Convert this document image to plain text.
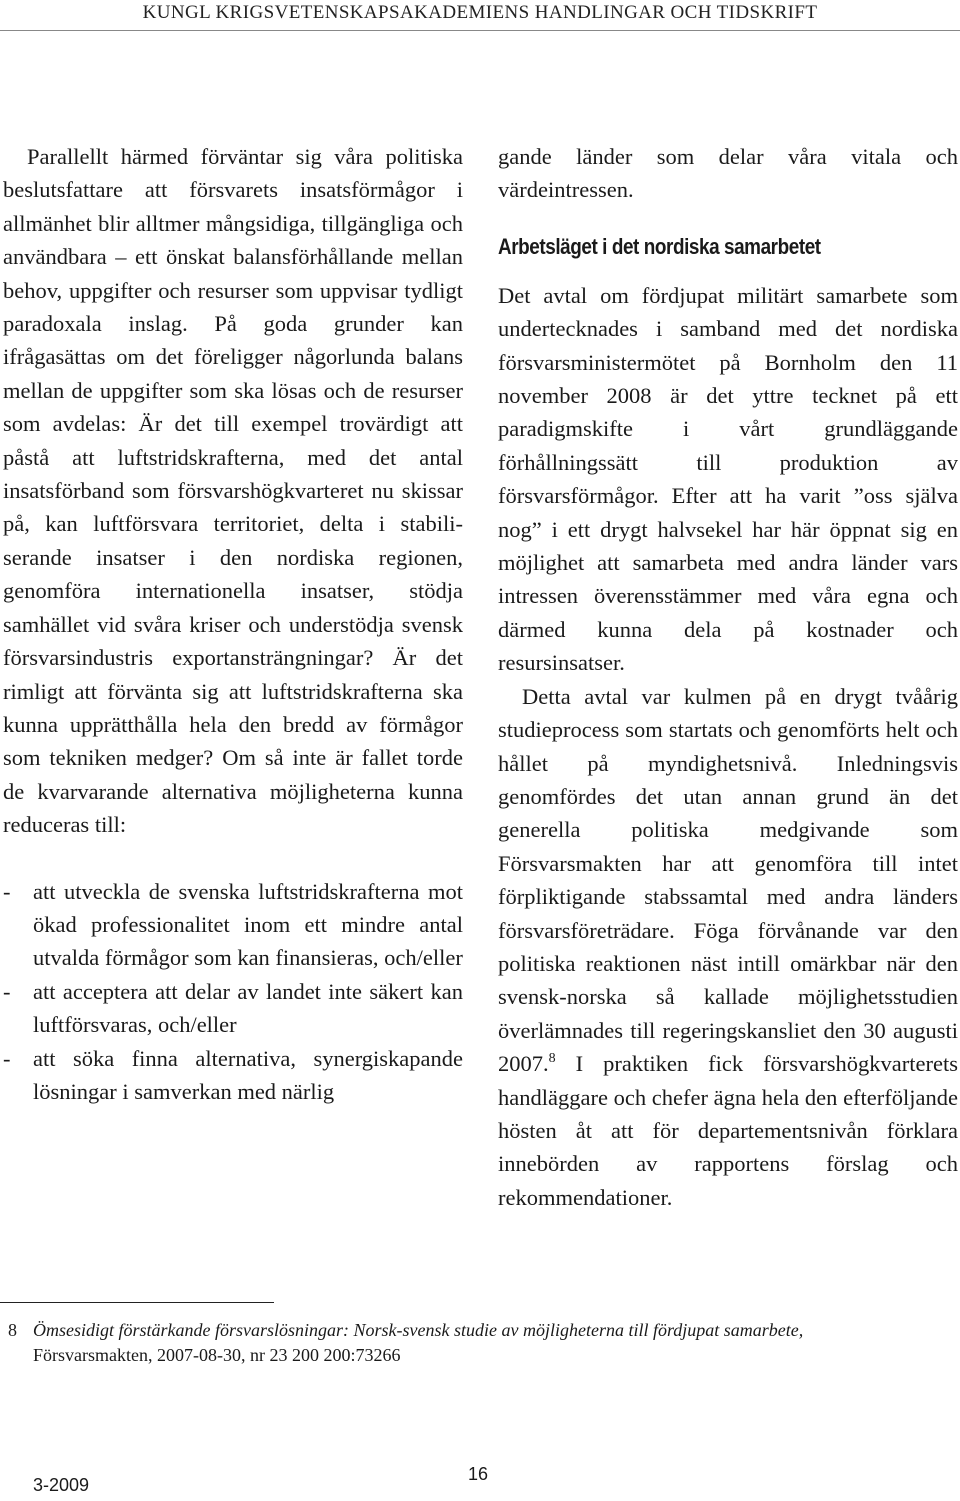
KUNGL KRIGSVETENSKAPSAKADEMIENS HANDLINGAR OCH TIDSKRIFT

Parallellt härmed förväntar sig våra politiska beslutsfattare att försvarets insatsförmågor i allmänhet blir alltmer mångsidiga, tillgängliga och användbara – ett önskat balansförhållande mellan behov, uppgifter och resurser som uppvisar tydligt paradoxala inslag. På goda grunder kan ifrågasättas om det föreligger någorlunda balans mellan de uppgifter som ska lösas och de resurser som avdelas: Är det till exempel trovärdigt att påstå att luftstridskrafterna, med det antal insatsförband som försvarshögkvarteret nu skissar på, kan luftförsvara territoriet, delta i stabiliserande insatser i den nordiska regionen, genomföra internationella insatser, stödja samhället vid svåra kriser och understödja svensk försvarsindustris exportansträngningar? Är det rimligt att förvänta sig att luftstridskrafterna ska kunna upprätthålla hela den bredd av förmågor som tekniken medger? Om så inte är fallet torde de kvarvarande alternativa möjligheterna kunna reduceras till:

- att utveckla de svenska luftstridskrafterna mot ökad professionalitet inom ett mindre antal utvalda förmågor som kan finansieras, och/eller
- att acceptera att delar av landet inte säkert kan luftförsvaras, och/eller
- att söka finna alternativa, synergiskapande lösningar i samverkan med närlig

gande länder som delar våra vitala och värdeintressen.

Arbetsläget i det nordiska samarbetet

Det avtal om fördjupat militärt samarbete som undertecknades i samband med det nordiska försvarsministermötet på Bornholm den 11 november 2008 är det yttre tecknet på ett paradigmskifte i vårt grundläggande förhållningssätt till produktion av försvarsförmågor. Efter att ha varit ”oss själva nog” i ett drygt halvsekel har här öppnat sig en möjlighet att samarbeta med andra länder vars intressen överensstämmer med våra egna och därmed kunna dela på kostnader och resursinsatser.

Detta avtal var kulmen på en drygt tvåårig studieprocess som startats och genomförts helt och hållet på myndighetsnivå. Inledningsvis genomfördes det utan annan grund än det generella politiska medgivande som Försvarsmakten har att genomföra till intet förpliktigande stabssamtal med andra länders försvarsföreträdare. Föga förvånande var den politiska reaktionen näst intill omärkbar när den svensk-norska så kallade möjlighetsstudien överlämnades till regeringskansliet den 30 augusti 2007.$^8$ I praktiken fick försvarshögkvarterets handläggare och chefer ägna hela den efterföljande hösten åt att för departementsnivån förklara innebörden av rapportens förslag och rekommendationer.

8 Ömsesidigt förstärkande försvarslösningar: Norsk-svensk studie av möjligheterna till fördjupat samarbete,
Försvarsmakten, 2007-08-30, nr 23 200 200:73266
3-2009
16
